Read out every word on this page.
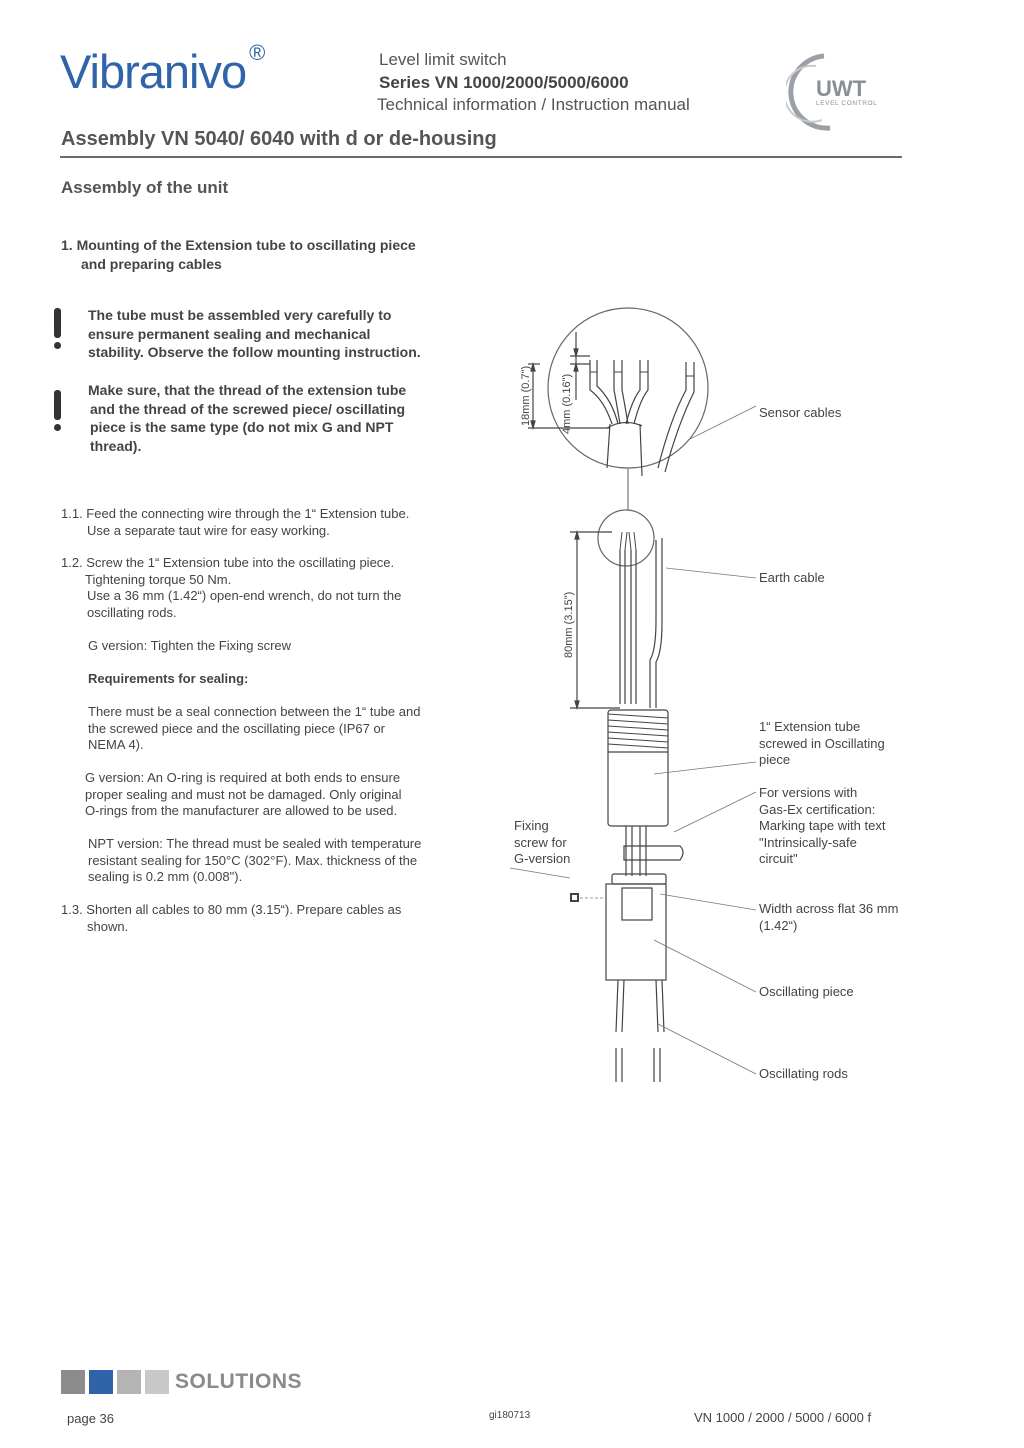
Vibranivo ®	Level limit switch
Series VN 1000/2000/5000/6000
Technical information / Instruction manual
UWT
LEVEL CONTROL
Assembly VN 5040/ 6040 with d or de-housing
Assembly of the unit
1. Mounting of the Extension tube to oscillating piece
and preparing cables
The tube must be assembled very carefully to
ensure permanent sealing and mechanical
stability. Observe the follow mounting instruction.
Make sure, that the thread of the extension tube
and the thread of the screwed piece/ oscillating
piece is the same type (do not mix G and NPT
thread).
1.1. Feed the connecting wire through the 1“ Extension tube.
Use a separate taut wire for easy working.
1.2. Screw the 1“ Extension tube into the oscillating piece.
Tightening torque 50 Nm.
Use a 36 mm (1.42“) open-end wrench, do not turn the
oscillating rods.
G version: Tighten the Fixing screw
Requirements for sealing:
There must be a seal connection between the 1“ tube and
the screwed piece and the oscillating piece (IP67 or
NEMA 4).
G version: An O-ring is required at both ends to ensure
proper sealing and must not be damaged. Only original
O-rings from the manufacturer are allowed to be used.
NPT version: The thread must be sealed with temperature
resistant sealing for 150°C (302°F). Max. thickness of the
sealing is 0.2 mm (0.008").
1.3. Shorten all cables to 80 mm (3.15“). Prepare cables as
shown.
18mm (0.7")	4mm (0.16")
80mm (3.15")
Sensor cables
Earth cable
1“ Extension tube
screwed in Oscillating
piece
For versions with
Gas-Ex certification:
Marking tape with text
"Intrinsically-safe
circuit"
Fixing
screw for
G-version
Width across flat 36 mm
(1.42“)
Oscillating piece
Oscillating rods
SOLUTIONS
page 36	gi180713	VN 1000 / 2000 / 5000 / 6000 f
